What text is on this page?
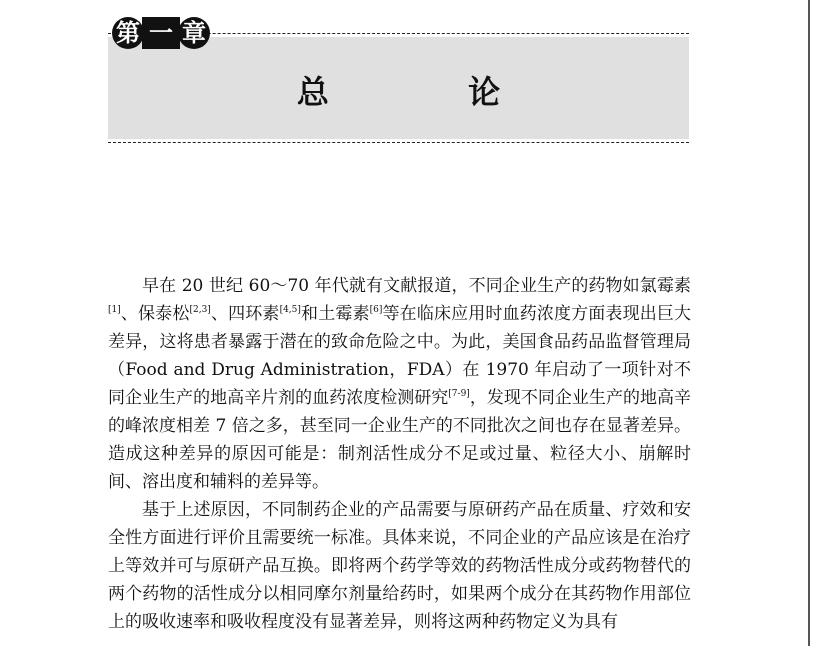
第 一 章
总 论

早在 20 世纪 60～70 年代就有文献报道，不同企业生产的药物如氯霉素[1]、保泰松[2,3]、四环素[4,5]和土霉素[6]等在临床应用时血药浓度方面表现出巨大差异，这将患者暴露于潜在的致命危险之中。为此，美国食品药品监督管理局（Food and Drug Administration，FDA）在 1970 年启动了一项针对不同企业生产的地高辛片剂的血药浓度检测研究[7-9]，发现不同企业生产的地高辛的峰浓度相差 7 倍之多，甚至同一企业生产的不同批次之间也存在显著差异。造成这种差异的原因可能是：制剂活性成分不足或过量、粒径大小、崩解时间、溶出度和辅料的差异等。

基于上述原因，不同制药企业的产品需要与原研药产品在质量、疗效和安全性方面进行评价且需要统一标准。具体来说，不同企业的产品应该是在治疗上等效并可与原研产品互换。即将两个药学等效的药物活性成分或药物替代的两个药物的活性成分以相同摩尔剂量给药时，如果两个成分在其药物作用部位上的吸收速率和吸收程度没有显著差异，则将这两种药物定义为具有
